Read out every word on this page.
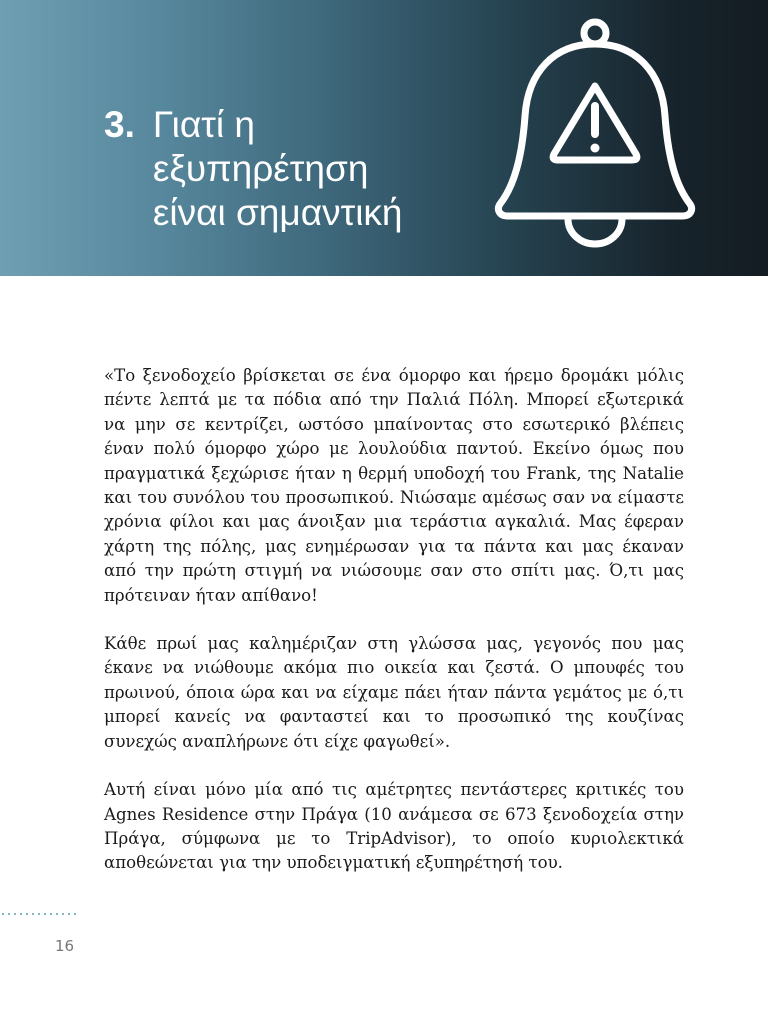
3. Γιατί η
εξυπηρέτηση
είναι σημαντική

«Το ξενοδοχείο βρίσκεται σε ένα όμορφο και ήρεμο δρομάκι μόλις πέντε λεπτά με τα πόδια από την Παλιά Πόλη. Μπορεί εξωτερικά να μην σε κεντρίζει, ωστόσο μπαίνοντας στο εσωτερικό βλέπεις έναν πολύ όμορφο χώρο με λουλούδια παντού. Εκείνο όμως που πραγματικά ξεχώρισε ήταν η θερμή υποδοχή του Frank, της Natalie και του συνόλου του προσωπικού. Νιώσαμε αμέσως σαν να είμαστε χρόνια φίλοι και μας άνοιξαν μια τεράστια αγκαλιά. Μας έφεραν χάρτη της πόλης, μας ενημέρωσαν για τα πάντα και μας έκαναν από την πρώτη στιγμή να νιώσουμε σαν στο σπίτι μας. Ό,τι μας πρότειναν ήταν απίθανο!

Κάθε πρωί μας καλημέριζαν στη γλώσσα μας, γεγονός που μας έκανε να νιώθουμε ακόμα πιο οικεία και ζεστά. Ο μπουφές του πρωινού, όποια ώρα και να είχαμε πάει ήταν πάντα γεμάτος με ό,τι μπορεί κανείς να φανταστεί και το προσωπικό της κουζίνας συνεχώς αναπλήρωνε ότι είχε φαγωθεί».

Αυτή είναι μόνο μία από τις αμέτρητες πεντάστερες κριτικές του Agnes Residence στην Πράγα (10 ανάμεσα σε 673 ξενοδοχεία στην Πράγα, σύμφωνα με το TripAdvisor), το οποίο κυριολεκτικά αποθεώνεται για την υποδειγματική εξυπηρέτησή του.

16
